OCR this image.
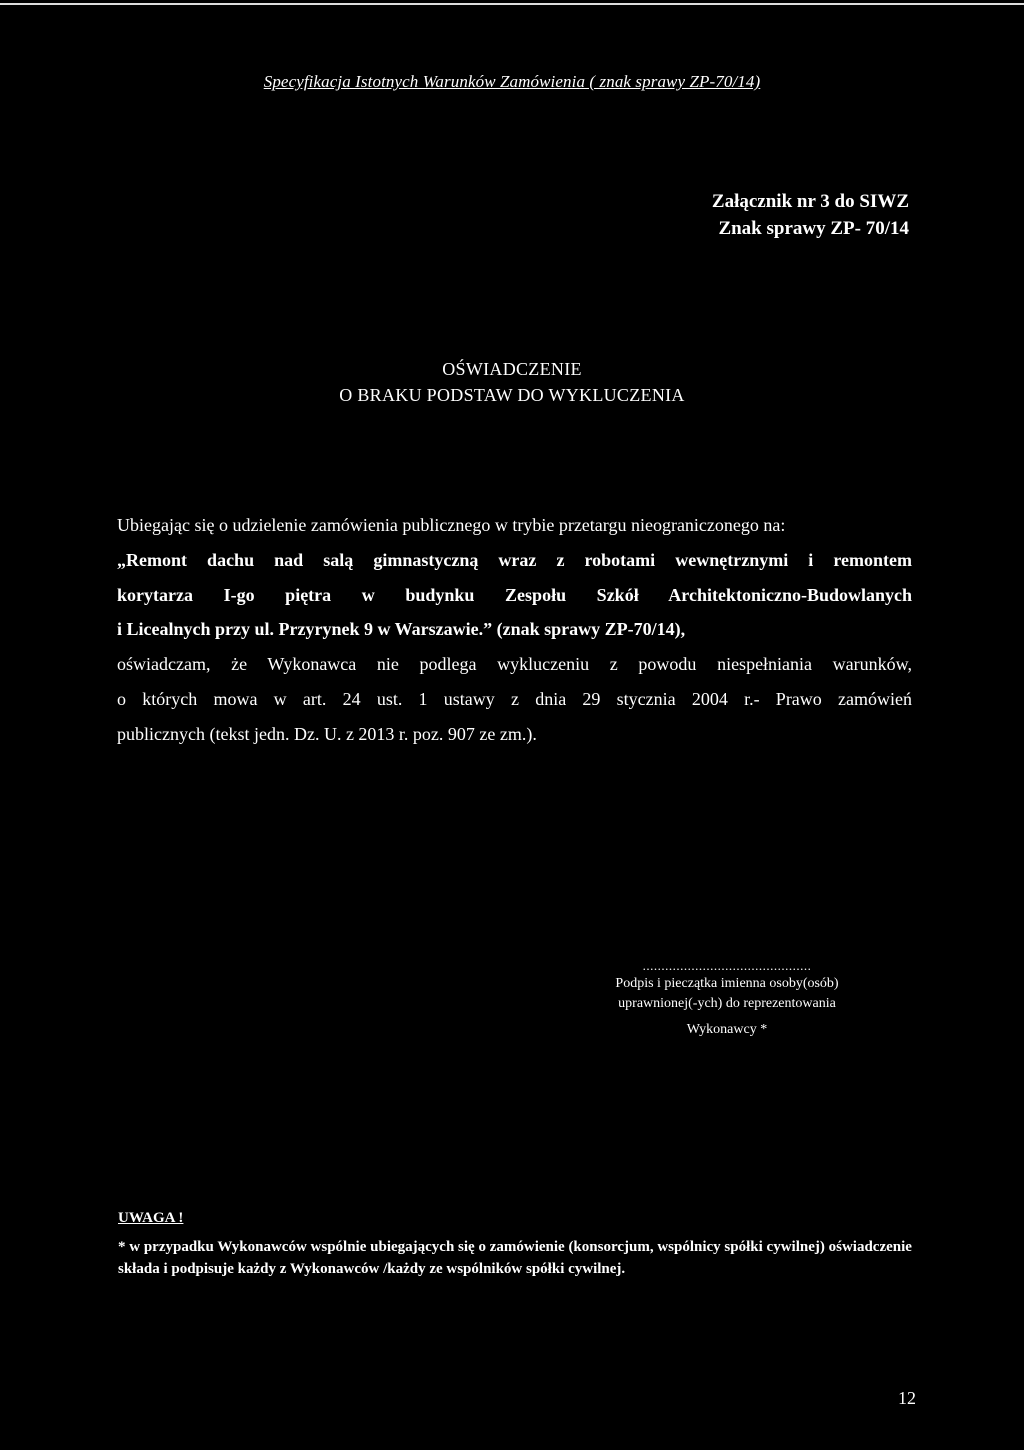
Specyfikacja Istotnych Warunków Zamówienia ( znak sprawy ZP-70/14)
Załącznik nr 3 do SIWZ
Znak sprawy ZP- 70/14
OŚWIADCZENIE
O BRAKU PODSTAW DO WYKLUCZENIA
Ubiegając się o udzielenie zamówienia publicznego w trybie przetargu nieograniczonego na:
„Remont dachu nad salą gimnastyczną wraz z robotami wewnętrznymi i remontem
korytarza I-go piętra w budynku Zespołu Szkół Architektoniczno-Budowlanych
i Licealnych przy ul. Przyrynek 9 w Warszawie.” (znak sprawy ZP-70/14),
oświadczam, że Wykonawca nie podlega wykluczeniu z powodu niespełniania warunków,
o których mowa w art. 24 ust. 1 ustawy z dnia 29 stycznia 2004 r.- Prawo zamówień
publicznych (tekst jedn. Dz. U. z 2013 r. poz. 907 ze zm.).
.............................................
Podpis i pieczątka imienna osoby(osób)
uprawnionej(-ych) do reprezentowania
Wykonawcy *
UWAGA !
* w przypadku Wykonawców wspólnie ubiegających się o zamówienie (konsorcjum, wspólnicy spółki cywilnej) oświadczenie składa i podpisuje każdy z Wykonawców /każdy ze wspólników spółki cywilnej.
12
